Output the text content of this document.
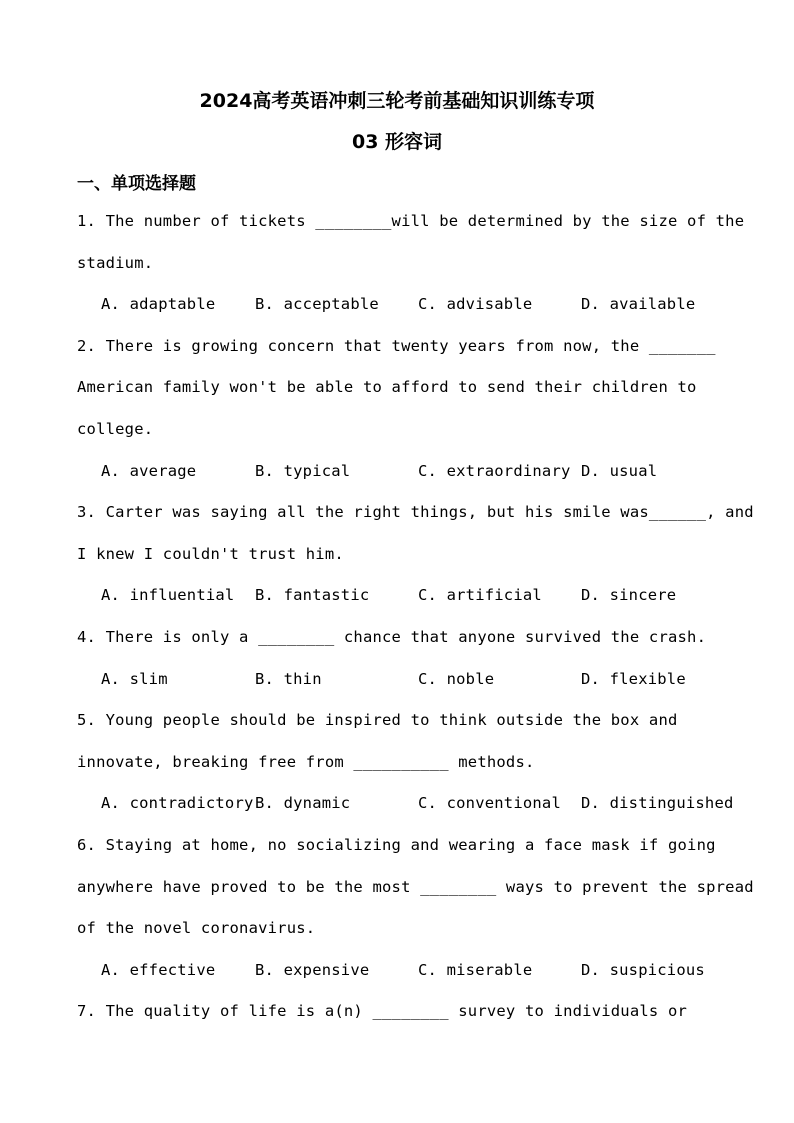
2024高考英语冲刺三轮考前基础知识训练专项
03 形容词
一、单项选择题
1. The number of tickets ________will be determined by the size of the
stadium.
A. adaptable	B. acceptable	C. advisable	D. available
2. There is growing concern that twenty years from now, the _______
American family won't be able to afford to send their children to
college.
A. average	B. typical	C. extraordinary D. usual
3. Carter was saying all the right things, but his smile was______, and
I knew I couldn't trust him.
A. influential B. fantastic	C. artificial	D. sincere
4. There is only a ________ chance that anyone survived the crash.
A. slim	B. thin	C. noble	D. flexible
5. Young people should be inspired to think outside the box and
innovate, breaking free from __________ methods.
A. contradictory B. dynamic	C. conventional D. distinguished
6. Staying at home, no socializing and wearing a face mask if going
anywhere have proved to be the most ________ ways to prevent the spread
of the novel coronavirus.
A. effective	B. expensive	C. miserable	D. suspicious
7. The quality of life is a(n) ________ survey to individuals or
